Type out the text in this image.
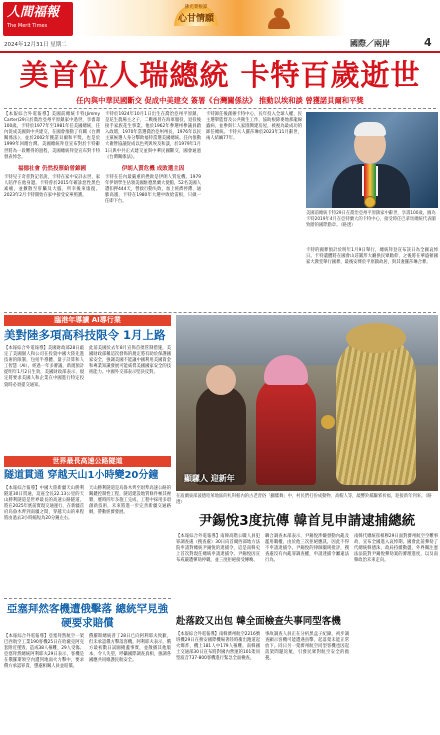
人間福報
The Merit Times
佛光菜根譚
心甘情願
2024年12月31日 星期二	國際／兩岸	4
美首位人瑞總統 卡特百歲逝世
任內與中華民國斷交 促成中美建交 簽署《台灣關係法》 推動以埃和談 曾獲諾貝爾和平獎

【本報綜合外電報導】美國前總統卡特(Jimmy Carter)29日於喬治亞州平原鎮家中過世，享耆壽100歲。卡特於1977年至1981年任美國總統，任內促成美國與中共建交，在國會推動了有關《台灣關係法》，並於2002年獲諾貝爾和平獎，也是於1999年回贈台灣。美國總統拜登宣布對於卡特辭世將為一段難得的過程，美國總統拜登宣布對卡特發表悼念。

福德社會 仍然投票給曾錦國

卡特兒子奇普對記者說，卡特在家中安詳去世，家人陪伴在他身邊。卡特曾於2015年確診惡性黑色素瘤，並擴散至肝臟及大腦，所幸後來康復。2023年2月卡特開始在家中接受安寧照護。

卡特於1924年10月1日出生在喬治亞州平原鎮，是花生農場主之子，二戰後曾在海軍服役，退役後接手家族花生事業。他於1962年參選州參議員踏入政壇，1970年當選喬治亞州州長，1976年以民主黨候選人身分擊敗福特當選美國總統。任內推動大衛營協議促成以色列與埃及和談，於1979年1月1日與中共正式建交並與中華民國斷交，國會通過《台灣關係法》。

伊朗人質危機 成敗選主因

卡特在任內最嚴重的挫敗是伊朗人質危機，1979年伊朗學生佔領美國駐德黑蘭大使館，52名美國人遭扣押444天，營救行動失敗，加上經濟停滯、通膨高漲，卡特在1980年大選中敗給雷根，只做一任即下台。

卡特卸任後創辦卡特中心，長年投入全球人權、民主選舉監督及公共衛生工作，協助根除麥地那龍線蟲病，並參與仁人家園興建房屋，被視為最成功的卸任總統。卡特夫人羅莎琳於2023年11月辭世，兩人結縭77年。

美國前總統卡特29日在喬治亞州平原鎮家中辭世，享壽100歲。圖為卡特2019年4月在亞特蘭大的卡特中心，接受時任巴拿馬總統代表團致贈的國際勳章。（路透）

卡特的國葬預計於明年1月9日舉行，總統拜登宣布該日為全國哀悼日。卡特遺體將在國會山莊圓形大廳供民眾瞻仰，之後將在華盛頓國家大教堂舉行國葬，最後安葬於平原鎮故居，與其妻羅莎琳合葬。

臨港年導讀 AI導行業
美對陸多項高科技限令 1月上路

【本報綜合外電報導】美國財政部28日敲定了美國個人和公司在投資中國大陸先進技術的限制，包括半導體、量子計算和人工智慧（AI）。經過一年多審議，新規預計從明年1月2日生效，美國財政部表示，規定將要求美國人和企業在中國進行特定投資時必須提交通知。

此前美國於去年8月宣佈首批管制措施，美國財政部稱這次發佈的規定將有助於保護國家安全，強調美國不能讓中國利用美國資金和專業知識發展可能威脅美國國家安全的技術能力。中國外交部表示堅決反對。

世界最長高速公路隧道
隧道貫通 穿越天山1小時變20分鐘

【本報綜合報導】中國大陸新疆天山勝利隧道30日貫通，這座全長22.13公里的天山勝利隧道是世界最長的高速公路隧道，將在2025年底前實現交通運行，在新疆首府烏魯木齊到南疆之間，穿越天山的車程將由過去3小時縮短為20分鐘左右。

天山勝利隧道是烏魯木齊至尉犁高速公路的關鍵控制性工程，隧道建設地質條件極其複雜，歷時四年多施工完成，工程中採用多項創新技術，未來將進一步完善新疆交通路網，帶動經濟發展。

亞塞拜然客機遭俄擊落 總統罕見強硬要求賠償

【本報綜合外電報導】亞塞拜然航空一架巴西航空工業190客機25日在哈薩克阿克套附近墜毀，造成38人罹難、29人受傷。亞塞拜然總統阿利耶夫29日表示，客機是在俄羅斯領空內遭到地面火力擊中，要求俄方承認罪責、懲處相關人員並賠償。

俄羅斯總統普丁28日已向阿利耶夫致歉，但未承認俄方擊落客機。阿利耶夫表示，俄方最初數日試圖掩蓋事實，並散播其他版本，令人失望，呼籲國際調查真相，強調各國應共同維護民航安全。

顯騾人 迎新年
在波蘭東部波德哈萊地區的札科帕內的古老習俗「顱騾舞」中，村民們打扮成動物、高帽人等，敲響鈴鐺驅邪祈福，迎接新年到來。（路透）
尹錫悅3度抗傳 韓首見申請逮捕總統

【本報綜合外電報導】南韓高階公職人員犯罪調查處（搜查處）30日向首爾西部地方法院申請對總統尹錫悅的逮捕令，這是南韓史上首次對現任總統申請逮捕令。尹錫悅因宣布戒嚴遭彈劾停職，並三度拒絕接受傳喚。

聯合調查本部表示，尹錫悅涉嫌發動內亂及濫用職權，由於他三次拒絕應訊，因此不得不申請逮捕令。尹錫悅的律師團則批評，搜查處沒有內亂罪調查權，申請逮捕令屬違法行為。

南韓代總統崔相穆29日面對濟州航空空難事故，宣布全國進入哀悼期。國會此前彈劾了代總統韓德洙，政局持續動盪，外界關注憲法法院對尹錫悅彈劾案的審理進度，以及南韓政治未來走向。

赴落跤又出包 韓全面檢查失事同型客機

【本報綜合外電報導】南韓濟州航空2216號班機29日在務安國際機場著陸時衝出跑道起火爆炸，機上181人中179人罹難。南韓國土交通部30日宣布將對國內營運的101架同型波音737-800客機進行緊急全面檢查。

事故調查人員正在分析黑盒子紀錄，初步調查顯示客機可能遭遇鳥擊，起落架未能正常放下。同日另一架濟州航空同型客機也因起落架問題返航，引發民眾對航空安全的擔憂。
